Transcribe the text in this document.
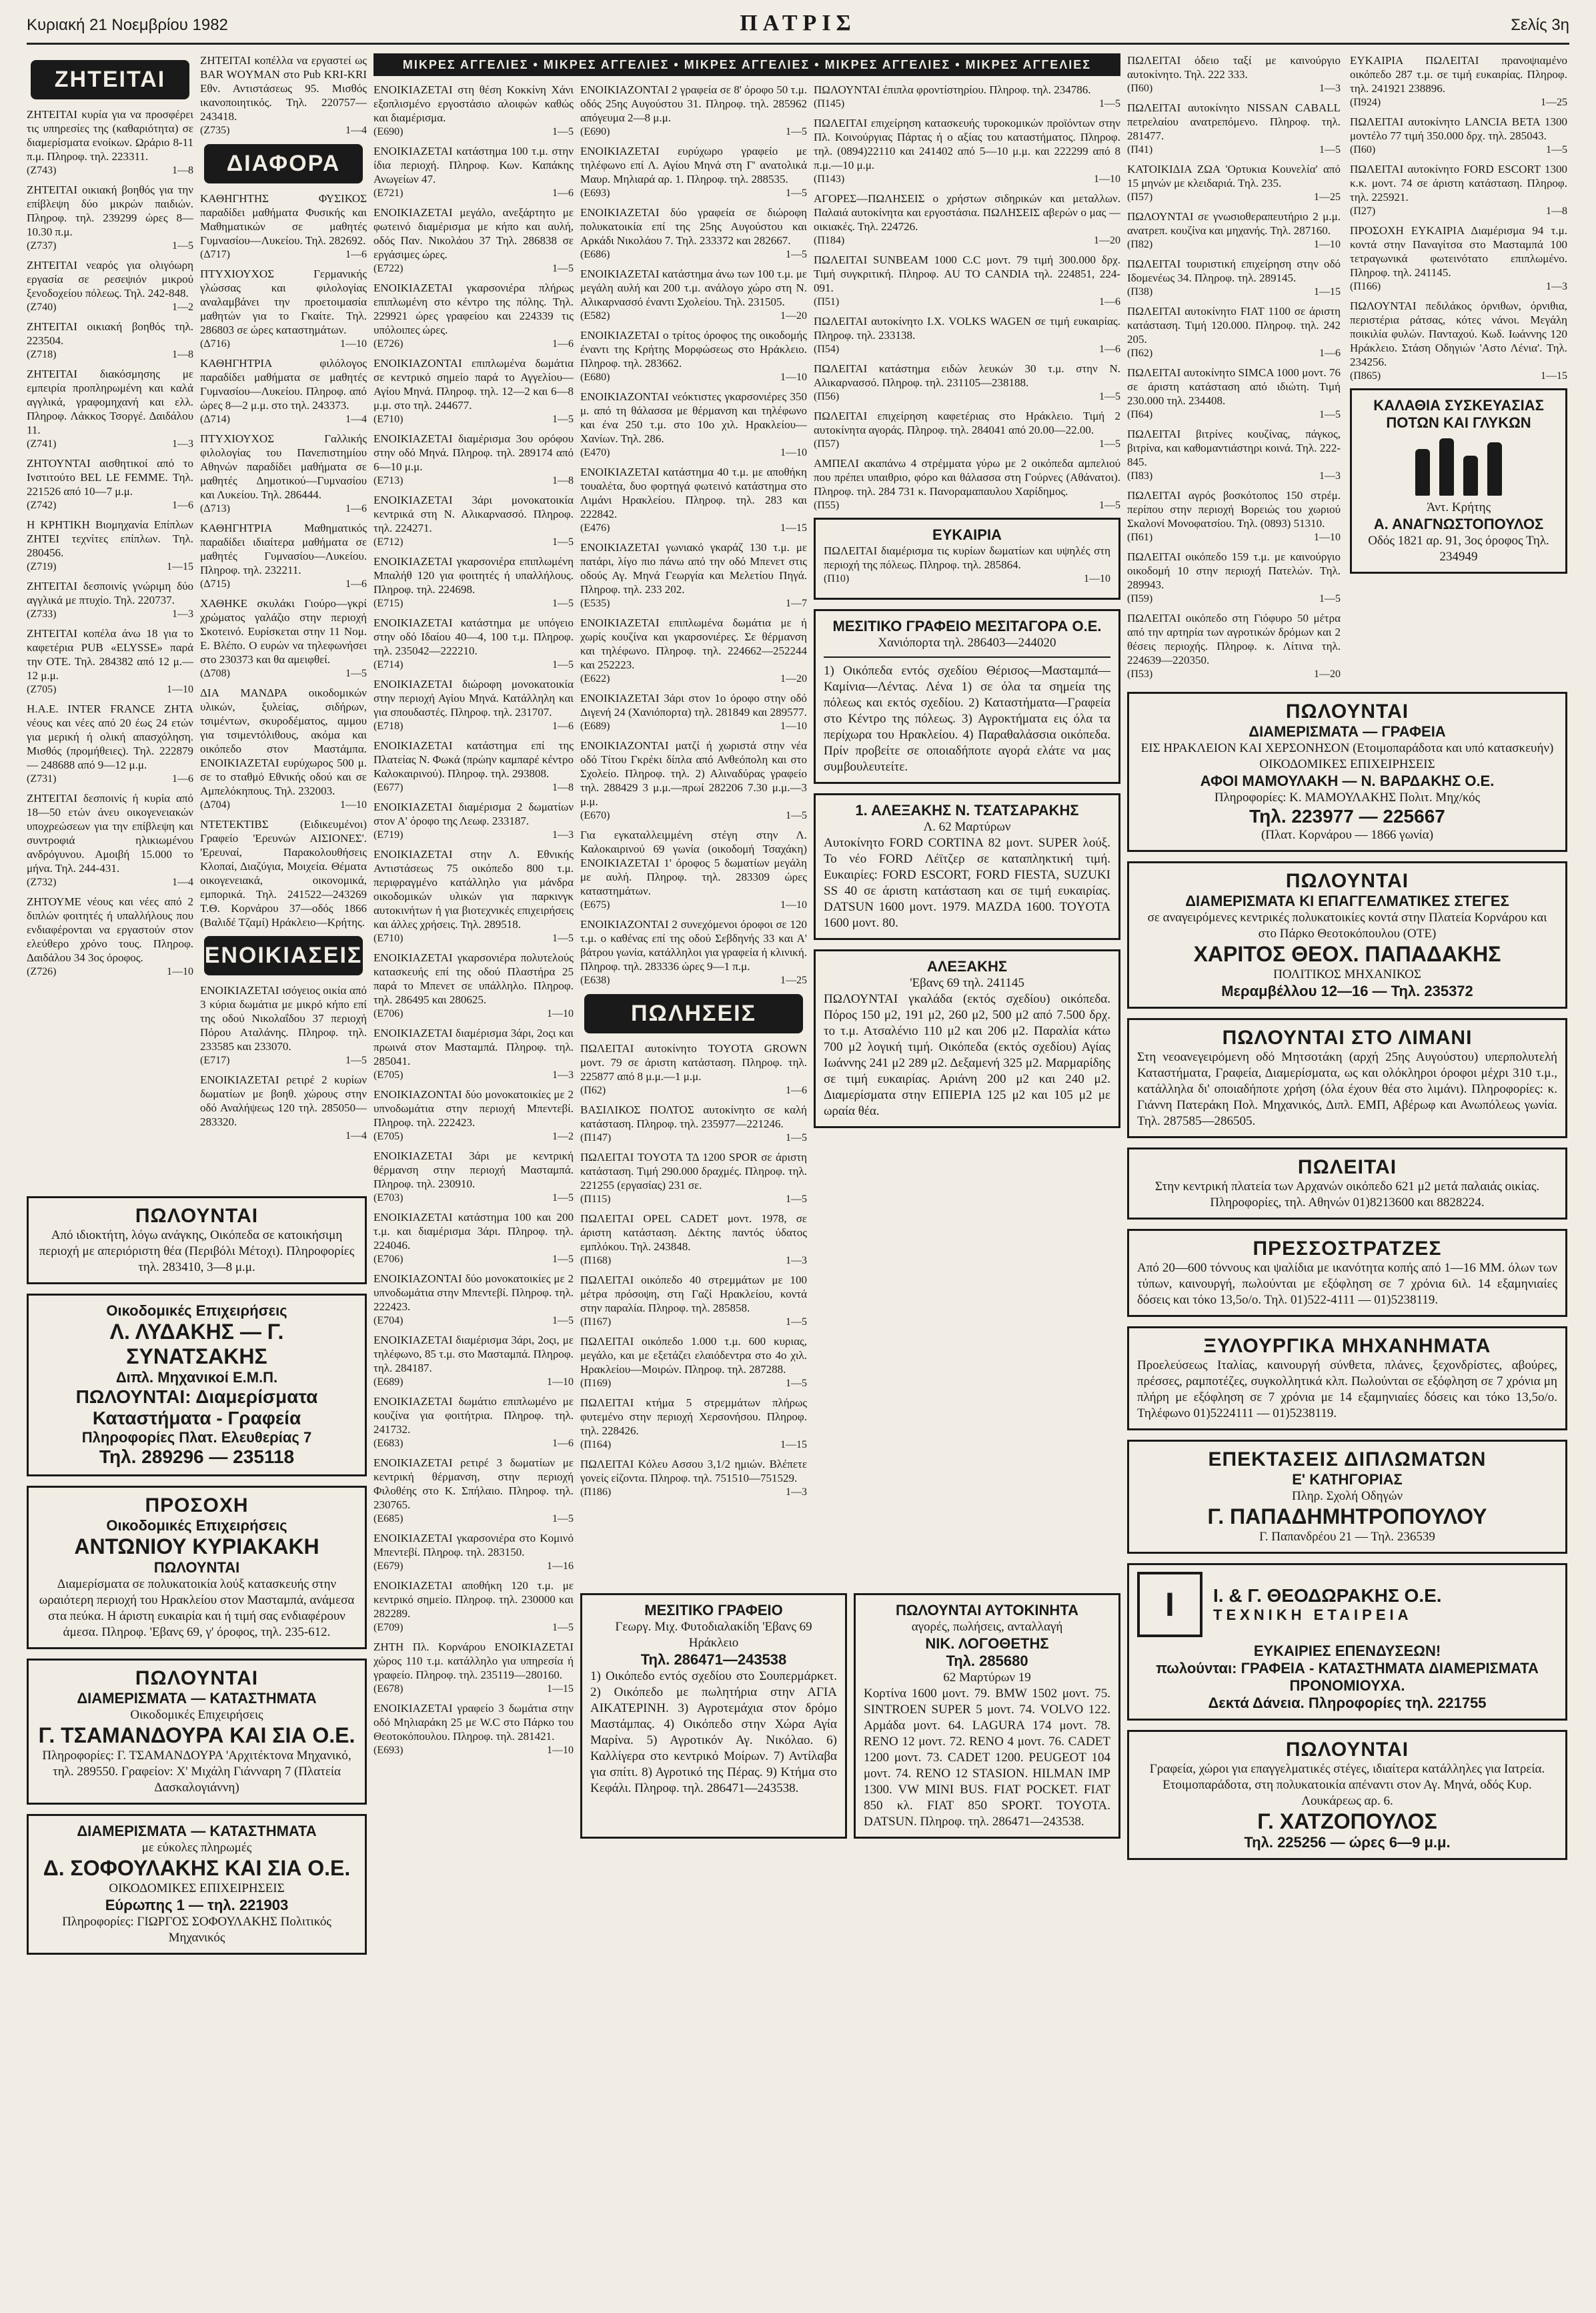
Κυριακή 21 Νοεμβρίου 1982	ΠΑΤΡΙΣ	Σελίς 3η
ΜΙΚΡΕΣ ΑΓΓΕΛΙΕΣ • ΜΙΚΡΕΣ ΑΓΓΕΛΙΕΣ • ΜΙΚΡΕΣ ΑΓΓΕΛΙΕΣ • ΜΙΚΡΕΣ ΑΓΓΕΛΙΕΣ • ΜΙΚΡΕΣ ΑΓΓΕΛΙΕΣ
ΖΗΤΕΙΤΑΙ
ΖΗΤΕΙΤΑΙ κυρία για να προσφέρει τις υπηρεσίες της (καθαριότητα) σε διαμερίσματα ενοίκων. Ωράριο 8-11 π.μ. Πληροφ. τηλ. 223311.
(Z743)	1—8
ΖΗΤΕΙΤΑΙ οικιακή βοηθός για την επίβλεψη δύο μικρών παιδιών. Πληροφ. τηλ. 239299 ώρες 8—10.30 π.μ.
(Z737)	1—5
ΖΗΤΕΙΤΑΙ νεαρός για ολιγόωρη εργασία σε ρεσεψιόν μικρού ξενοδοχείου πόλεως. Τηλ. 242-848.
(Z740)	1—2
ΖΗΤΕΙΤΑΙ οικιακή βοηθός τηλ. 223504.
(Z718)	1—8
ΖΗΤΕΙΤΑΙ διακόσμησης με εμπειρία προπληρωμένη και καλά αγγλικά, γραφομηχανή και ελλ. Πληροφ. Λάκκος Τσοργέ. Δαιδάλου 11.
(Z741)	1—3
ΖΗΤΟΥΝΤΑΙ αισθητικοί από το Ινστιτούτο BEL LE FEMME. Τηλ. 221526 από 10—7 μ.μ.
(Z742)	1—6
Η ΚΡΗΤΙΚΗ Βιομηχανία Επίπλων ZHTEI τεχνίτες επίπλων. Τηλ. 280456.
(Z719)	1—15
ΖΗΤΕΙΤΑΙ δεσποινίς γνώριμη δύο αγγλικά με πτυχίο. Τηλ. 220737.
(Z733)	1—3
ΖΗΤΕΙΤΑΙ κοπέλα άνω 18 για το καφετέρια PUB «ELYSSE» παρά την ΟΤΕ. Τηλ. 284382 από 12 μ.—12 μ.μ.
(Z705)	1—10
H.A.E. INTER FRANCE ZHTA νέους και νέες από 20 έως 24 ετών για μερική ή ολική απασχόληση. Μισθός (προμήθειες). Τηλ. 222879 — 248688 από 9—12 μ.μ.
(Z731)	1—6
ΖΗΤΕΙΤΑΙ δεσποινίς ή κυρία από 18—50 ετών άνευ οικογενειακών υποχρεώσεων για την επίβλεψη και συντροφιά ηλικιωμένου ανδρόγυνου. Αμοιβή 15.000 το μήνα. Τηλ. 244-431.
(Z732)	1—4
ΖΗΤΟΥΜΕ νέους και νέες από 2 διπλών φοιτητές ή υπαλλήλους που ενδιαφέρονται να εργαστούν στον ελεύθερο χρόνο τους. Πληροφ. Δαιδάλου 34 3ος όροφος.
(Z726)	1—10
ΖΗΤΕΙΤΑΙ κοπέλλα να εργαστεί ως BAR WOYMAN στο Pub KRI-KRI Εθν. Αντιστάσεως 95. Μισθός ικανοποιητικός. Τηλ. 220757—243418.
(Z735)	1—4
ΔΙΑΦΟΡΑ
ΚΑΘΗΓΗΤΗΣ ΦΥΣΙΚΟΣ παραδίδει μαθήματα Φυσικής και Μαθηματικών σε μαθητές Γυμνασίου—Λυκείου. Τηλ. 282692.
(Δ717)	1—6
ΠΤΥΧΙΟΥΧΟΣ Γερμανικής γλώσσας και φιλολογίας αναλαμβάνει την προετοιμασία μαθητών για το Γκαίτε. Τηλ. 286803 σε ώρες καταστημάτων.
(Δ716)	1—10
ΚΑΘΗΓΗΤΡΙΑ φιλόλογος παραδίδει μαθήματα σε μαθητές Γυμνασίου—Λυκείου. Πληροφ. από ώρες 8—2 μ.μ. στο τηλ. 243373.
(Δ714)	1—4
ΠΤΥΧΙΟΥΧΟΣ Γαλλικής φιλολογίας του Πανεπιστημίου Αθηνών παραδίδει μαθήματα σε μαθητές Δημοτικού—Γυμνασίου και Λυκείου. Τηλ. 286444.
(Δ713)	1—6
ΚΑΘΗΓΗΤΡΙΑ Μαθηματικός παραδίδει ιδιαίτερα μαθήματα σε μαθητές Γυμνασίου—Λυκείου. Πληροφ. τηλ. 232211.
(Δ715)	1—6
ΧΑΘΗΚΕ σκυλάκι Γιούρο—γκρί χρώματος γαλάζιο στην περιοχή Σκοτεινό. Ευρίσκεται στην 11 Νομ. Ε. Βλέπο. Ο ευρών να τηλεφωνήσει στο 230373 και θα αμειφθεί.
(Δ708)	1—5
ΔΙΑ ΜΑΝΔΡΑ οικοδομικών υλικών, ξυλείας, σιδήρων, τσιμέντων, σκυροδέματος, αμμου για τσιμεντόλιθους, ακόμα και οικόπεδο στον Μαστάμπα. ΕΝΟΙΚΙΑΖΕΤΑΙ ευρύχωρος 500 μ. σε το σταθμό Εθνικής οδού και σε Αμπελόκηπους. Τηλ. 232003.
(Δ704)	1—10
ΝΤΕΤΕΚΤΙΒΣ (Ειδικευμένοι) Γραφείο 'Ερευνών ΑΙΣΙΟΝΕΣ'. 'Ερευναί, Παρακολουθήσεις Κλοπαί, Διαζύγια, Μοιχεία. Θέματα οικογενειακά, οικονομικά, εμπορικά. Τηλ. 241522—243269 Τ.Θ. Κορνάρου 37—οδός 1866 (Βαλιδέ Τζαμί) Ηράκλειο—Κρήτης.
ΕΝΟΙΚΙΑΣΕΙΣ
ΕΝΟΙΚΙΑΖΕΤΑΙ ισόγειος οικία από 3 κύρια δωμάτια με μικρό κήπο επί της οδού Νικολαΐδου 37 περιοχή Πόρου Αταλάνης. Πληροφ. τηλ. 233585 και 233070.
(E717)	1—5
ΕΝΟΙΚΙΑΖΕΤΑΙ ρετιρέ 2 κυρίων δωματίων με βοηθ. χώρους στην οδό Αναλήψεως 120 τηλ. 285050—283320.
1—4
ΕΝΟΙΚΙΑΖΕΤΑΙ στη θέση Κοκκίνη Χάνι εξοπλισμένο εργοστάσιο αλοιφών καθώς και διαμέρισμα.
(E690)	1—5
ΕΝΟΙΚΙΑΖΕΤΑΙ κατάστημα 100 τ.μ. στην ίδια περιοχή. Πληροφ. Κων. Καπάκης Ανωγείων 47.
(E721)	1—6
ΕΝΟΙΚΙΑΖΕΤΑΙ μεγάλο, ανεξάρτητο με φωτεινό διαμέρισμα με κήπο και αυλή, οδός Παν. Νικολάου 37 Τηλ. 286838 σε εργάσιμες ώρες.
(E722)	1—5
ΕΝΟΙΚΙΑΖΕΤΑΙ γκαρσονιέρα πλήρως επιπλωμένη στο κέντρο της πόλης. Τηλ. 229921 ώρες γραφείου και 224339 τις υπόλοιπες ώρες.
(E726)	1—6
ΕΝΟΙΚΙΑΖΟΝΤΑΙ επιπλωμένα δωμάτια σε κεντρικό σημείο παρά το Αγγελίου—Αγίου Μηνά. Πληροφ. τηλ. 12—2 και 6—8 μ.μ. στο τηλ. 244677.
(E710)	1—5
ΕΝΟΙΚΙΑΖΕΤΑΙ διαμέρισμα 3ου ορόφου στην οδό Μηνά. Πληροφ. τηλ. 289174 από 6—10 μ.μ.
(E713)	1—8
ΕΝΟΙΚΙΑΖΕΤΑΙ 3άρι μονοκατοικία κεντρικά στη Ν. Αλικαρνασσό. Πληροφ. τηλ. 224271.
(E712)	1—5
ΕΝΟΙΚΙΑΖΕΤΑΙ γκαρσονιέρα επιπλωμένη Μπαλήθ 120 για φοιτητές ή υπαλλήλους. Πληροφ. τηλ. 224698.
(E715)	1—5
ΕΝΟΙΚΙΑΖΕΤΑΙ κατάστημα με υπόγειο στην οδό Ιδαίου 40—4, 100 τ.μ. Πληροφ. τηλ. 235042—222210.
(E714)	1—5
ΕΝΟΙΚΙΑΖΕΤΑΙ διώροφη μονοκατοικία στην περιοχή Αγίου Μηνά. Κατάλληλη και για σπουδαστές. Πληροφ. τηλ. 231707.
(E718)	1—6
ΕΝΟΙΚΙΑΖΕΤΑΙ κατάστημα επί της Πλατείας Ν. Φωκά (πρώην καμπαρέ κέντρο Καλοκαιρινού). Πληροφ. τηλ. 293808.
(E677)	1—8
ΕΝΟΙΚΙΑΖΕΤΑΙ διαμέρισμα 2 δωματίων στον Α' όροφο της Λεωφ. 233187.
(E719)	1—3
ΕΝΟΙΚΙΑΖΕΤΑΙ στην Λ. Εθνικής Αντιστάσεως 75 οικόπεδο 800 τ.μ. περιφραγμένο κατάλληλο για μάνδρα οικοδομικών υλικών για παρκινγκ αυτοκινήτων ή για βιοτεχνικές επιχειρήσεις και άλλες χρήσεις. Τηλ. 289518.
(E710)	1—5
ΕΝΟΙΚΙΑΖΕΤΑΙ γκαρσονιέρα πολυτελούς κατασκευής επί της οδού Πλαστήρα 25 παρά το Μπενετ σε υπάλληλο. Πληροφ. τηλ. 286495 και 280625.
(E706)	1—10
ΕΝΟΙΚΙΑΖΕΤΑΙ διαμέρισμα 3άρι, 2οςι και πρωινά στον Μασταμπά. Πληροφ. τηλ. 285041.
(E705)	1—3
ΕΝΟΙΚΙΑΖΟΝΤΑΙ δύο μονοκατοικίες με 2 υπνοδωμάτια στην περιοχή Μπεντεβί. Πληροφ. τηλ. 222423.
(E705)	1—2
ΕΝΟΙΚΙΑΖΕΤΑΙ 3άρι με κεντρική θέρμανση στην περιοχή Μασταμπά. Πληροφ. τηλ. 230910.
(E703)	1—5
ΕΝΟΙΚΙΑΖΕΤΑΙ κατάστημα 100 και 200 τ.μ. και διαμέρισμα 3άρι. Πληροφ. τηλ. 224046.
(E706)	1—5
ΕΝΟΙΚΙΑΖΟΝΤΑΙ δύο μονοκατοικίες με 2 υπνοδωμάτια στην Μπεντεβί. Πληροφ. τηλ. 222423.
(E704)	1—5
ΕΝΟΙΚΙΑΖΕΤΑΙ διαμέρισμα 3άρι, 2οςι, με τηλέφωνο, 85 τ.μ. στο Μασταμπά. Πληροφ. τηλ. 284187.
(E689)	1—10
ΕΝΟΙΚΙΑΖΕΤΑΙ δωμάτιο επιπλωμένο με κουζίνα για φοιτήτρια. Πληροφ. τηλ. 241732.
(E683)	1—6
ΕΝΟΙΚΙΑΖΕΤΑΙ ρετιρέ 3 δωματίων με κεντρική θέρμανση, στην περιοχή Φιλοθέης στο Κ. Σπήλαιο. Πληροφ. τηλ. 230765.
(E685)	1—5
ΕΝΟΙΚΙΑΖΕΤΑΙ γκαρσονιέρα στο Κομινό Μπεντεβί. Πληροφ. τηλ. 283150.
(E679)	1—16
ΕΝΟΙΚΙΑΖΕΤΑΙ αποθήκη 120 τ.μ. με κεντρικό σημείο. Πληροφ. τηλ. 230000 και 282289.
(E709)	1—5
ΖΗΤΗ Πλ. Κορνάρου ΕΝΟΙΚΙΑΖΕΤΑΙ χώρος 110 τ.μ. κατάλληλο για υπηρεσία ή γραφείο. Πληροφ. τηλ. 235119—280160.
(E678)	1—15
ΕΝΟΙΚΙΑΖΕΤΑΙ γραφείο 3 δωμάτια στην οδό Μηλιαράκη 25 με W.C στο Πάρκο του Θεοτοκόπουλου. Πληροφ. τηλ. 281421.
(E693)	1—10
ΕΝΟΙΚΙΑΖΟΝΤΑΙ 2 γραφεία σε 8' όροφο 50 τ.μ. οδός 25ης Αυγούστου 31. Πληροφ. τηλ. 285962 απόγευμα 2—8 μ.μ.
(E690)	1—5
ΕΝΟΙΚΙΑΖΕΤΑΙ ευρύχωρο γραφείο με τηλέφωνο επί Λ. Αγίου Μηνά στη Γ' ανατολικά Μαυρ. Μηλιαρά αρ. 1. Πληροφ. τηλ. 288535.
(E693)	1—5
ΕΝΟΙΚΙΑΖΕΤΑΙ δύο γραφεία σε διώροφη πολυκατοικία επί της 25ης Αυγούστου και Αρκάδι Νικολάου 7. Τηλ. 233372 και 282667.
(E686)	1—5
ΕΝΟΙΚΙΑΖΕΤΑΙ κατάστημα άνω των 100 τ.μ. με μεγάλη αυλή και 200 τ.μ. ανάλογο χώρο στη Ν. Αλικαρνασσό έναντι Σχολείου. Τηλ. 231505.
(E582)	1—20
ΕΝΟΙΚΙΑΖΕΤΑΙ ο τρίτος όροφος της οικοδομής έναντι της Κρήτης Μορφώσεως στο Ηράκλειο. Πληροφ. τηλ. 283662.
(E680)	1—10
ΕΝΟΙΚΙΑΖΟΝΤΑΙ νεόκτιστες γκαρσονιέρες 350 μ. από τη θάλασσα με θέρμανση και τηλέφωνο και ένα 250 τ.μ. στο 10ο χιλ. Ηρακλείου—Χανίων. Τηλ. 286.
(E470)	1—10
ΕΝΟΙΚΙΑΖΕΤΑΙ κατάστημα 40 τ.μ. με αποθήκη τουαλέτα, δυο φορτηγά φωτεινό κατάστημα στο Λιμάνι Ηρακλείου. Πληροφ. τηλ. 283 και 222842.
(E476)	1—15
ΕΝΟΙΚΙΑΖΕΤΑΙ γωνιακό γκαράζ 130 τ.μ. με πατάρι, λίγο πιο πάνω από την οδό Μπενετ στις οδούς Αγ. Μηνά Γεωργία και Μελετίου Πηγά. Πληροφ. τηλ. 233 202.
(E535)	1—7
ΕΝΟΙΚΙΑΖΕΤΑΙ επιπλωμένα δωμάτια με ή χωρίς κουζίνα και γκαρσονιέρες. Σε θέρμανση και τηλέφωνο. Πληροφ. τηλ. 224662—252244 και 252223.
(E622)	1—20
ΕΝΟΙΚΙΑΖΕΤΑΙ 3άρι στον 1ο όροφο στην οδό Διγενή 24 (Χανιόπορτα) τηλ. 281849 και 289577.
(E689)	1—10
ΕΝΟΙΚΙΑΖΟΝΤΑΙ ματζί ή χωριστά στην νέα οδό Τίτου Γκρέκι δίπλα από Ανθεόπολη και στο Σχολείο. Πληροφ. τηλ. 2) Αλιναδύρας γραφείο τηλ. 288429 3 μ.μ.—πρωί 282206 7.30 μ.μ.—3 μ.μ.
(E670)	1—5
Για εγκαταλλειμμένη στέγη στην Λ. Καλοκαιρινού 69 γωνία (οικοδομή Τσαχάκη) ΕΝΟΙΚΙΑΖΕΤΑΙ 1' όροφος 5 δωματίων μεγάλη με αυλή. Πληροφ. τηλ. 283309 ώρες καταστημάτων.
(E675)	1—10
ΕΝΟΙΚΙΑΖΟΝΤΑΙ 2 συνεχόμενοι όροφοι σε 120 τ.μ. ο καθένας επί της οδού Σεβδηνής 33 και Α' βάτρου γωνία, κατάλληλοι για γραφεία ή κλινική. Πληροφ. τηλ. 283336 ώρες 9—1 π.μ.
(E638)	1—25
ΠΩΛΗΣΕΙΣ
ΠΩΛΕΙΤΑΙ αυτοκίνητο TOYOTA GROWN μοντ. 79 σε άριστη κατάσταση. Πληροφ. τηλ. 225877 από 8 μ.μ.—1 μ.μ.
(Π62)	1—6
ΒΑΣΙΛΙΚΟΣ ΠΟΛΤΟΣ αυτοκίνητο σε καλή κατάσταση. Πληροφ. τηλ. 235977—221246.
(Π147)	1—5
ΠΩΛΕΙΤΑΙ TOYOTA ΤΔ 1200 SPOR σε άριστη κατάσταση. Τιμή 290.000 δραχμές. Πληροφ. τηλ. 221255 (εργασίας) 231 σε.
(Π115)	1—5
ΠΩΛΕΙΤΑΙ OPEL CADET μοντ. 1978, σε άριστη κατάσταση. Δέκτης παντός ύδατος εμπλόκου. Τηλ. 243848.
(Π168)	1—3
ΠΩΛΕΙΤΑΙ οικόπεδο 40 στρεμμάτων με 100 μέτρα πρόσοψη, στη Γαζί Ηρακλείου, κοντά στην παραλία. Πληροφ. τηλ. 285858.
(Π167)	1—5
ΠΩΛΕΙΤΑΙ οικόπεδο 1.000 τ.μ. 600 κυριας, μεγάλο, και με εξετάζει ελαιόδεντρα στο 4ο χιλ. Ηρακλείου—Μοιρών. Πληροφ. τηλ. 287288.
(Π169)	1—5
ΠΩΛΕΙΤΑΙ κτήμα 5 στρεμμάτων πλήρως φυτεμένο στην περιοχή Χερσονήσου. Πληροφ. τηλ. 228426.
(Π164)	1—15
ΠΩΛΕΙΤΑΙ Κόλευ Ασσου 3,1/2 ημιών. Βλέπετε γονείς είζοντα. Πληροφ. τηλ. 751510—751529.
(Π186)	1—3
ΠΩΛΟΥΝΤΑΙ έπιπλα φροντίστηρίου. Πληροφ. τηλ. 234786.
(Π145)	1—5
ΠΩΛΕΙΤΑΙ επιχείρηση κατασκευής τυροκομικών προϊόντων στην Πλ. Κοινούργιας Πάρτας ή ο αξίας του καταστήματος. Πληροφ. τηλ. (0894)22110 και 241402 από 5—10 μ.μ. και 222299 από 8 π.μ.—10 μ.μ.
(Π143)	1—10
ΑΓΟΡΕΣ—ΠΩΛΗΣΕΙΣ ο χρήστων σιδηρικών και μεταλλων. Παλαιά αυτοκίνητα και εργοστάσια. ΠΩΛΗΣΕΙΣ αβερών ο μας — οικιακές. Τηλ. 224726.
(Π184)	1—20
ΠΩΛΕΙΤΑΙ SUNBEAM 1000 C.C μοντ. 79 τιμή 300.000 δρχ. Τιμή συγκριτική. Πληροφ. AU TO CANDIA τηλ. 224851, 224-091.
(Π51)	1—6
ΠΩΛΕΙΤΑΙ αυτοκίνητο I.X. VOLKS WAGEN σε τιμή ευκαιρίας. Πληροφ. τηλ. 233138.
(Π54)	1—6
ΠΩΛΕΙΤΑΙ κατάστημα ειδών λευκών 30 τ.μ. στην Ν. Αλικαρνασσό. Πληροφ. τηλ. 231105—238188.
(Π56)	1—5
ΠΩΛΕΙΤΑΙ επιχείρηση καφετέριας στο Ηράκλειο. Τιμή 2 αυτοκίνητα αγοράς. Πληροφ. τηλ. 284041 από 20.00—22.00.
(Π57)	1—5
ΑΜΠΕΛΙ ακαπάνω 4 στρέμματα γύρω με 2 οικόπεδα αμπελιού που πρέπει υπαιθριο, φόρο και θάλασσα στη Γούρνες (Αθάνατοι). Πληροφ. τηλ. 284 731 κ. Πανοραμαπαυλου Χαρίδημος.
(Π55)	1—5
ΕΥΚΑΙΡΙΑ
ΠΩΛΕΙΤΑΙ διαμέρισμα τις κυρίων δωματίων και υψηλές στη περιοχή της πόλεως. Πληροφ. τηλ. 285864.
(Π10)	1—10
ΜΕΣΙΤΙΚΟ ΓΡΑΦΕΙΟ ΜΕΣΙΤΑΓΟΡΑ Ο.Ε.
Χανιόπορτα τηλ. 286403—244020
1) Οικόπεδα εντός σχεδίου Θέρισος—Μασταμπά—Καμίνια—Λέντας. Λένα 1) σε όλα τα σημεία της πόλεως και εκτός σχεδίου. 2) Καταστήματα—Γραφεία στο Κέντρο της πόλεως. 3) Αγροκτήματα εις όλα τα περίχωρα του Ηρακλείου. 4) Παραθαλάσσια οικόπεδα. Πρίν προβείτε σε οποιαδήποτε αγορά ελάτε να μας συμβουλευτείτε.
1. ΑΛΕΞΑΚΗΣ Ν. ΤΣΑΤΣΑΡΑΚΗΣ
Λ. 62 Μαρτύρων
Αυτοκίνητο FORD CORTINA 82 μοντ. SUPER λούξ. Το νέο FORD Λέϊτζερ σε καταπληκτική τιμή. Ευκαιρίες: FORD ESCORT, FORD FIESTA, SUZUKI SS 40 σε άριστη κατάσταση και σε τιμή ευκαιρίας. DATSUN 1600 μοντ. 1979. MAZDA 1600. TOYOTA 1600 μοντ. 80.
ΑΛΕΞΑΚΗΣ
'Εβανς 69 τηλ. 241145
ΠΩΛΟΥΝΤΑΙ γκαλάδα (εκτός σχεδίου) οικόπεδα. Πόρος 150 μ2, 191 μ2, 260 μ2, 500 μ2 από 7.500 δρχ. το τ.μ. Ατσαλένιο 110 μ2 και 206 μ2. Παραλία κάτω 700 μ2 λογική τιμή. Οικόπεδα (εκτός σχεδίου) Αγίας Ιωάννης 241 μ2 289 μ2. Δεξαμενή 325 μ2. Μαρμαρίδης σε τιμή ευκαιρίας. Αριάνη 200 μ2 και 240 μ2. Διαμερίσματα στην ΕΠΙΕΡΙΑ 125 μ2 και 105 μ2 με ωραία θέα.
ΠΩΛΕΙΤΑΙ όδειο ταξί με καινούργιο αυτοκίνητο. Τηλ. 222 333.
(Π60)	1—3
ΠΩΛΕΙΤΑΙ αυτοκίνητο NISSAN CABALL πετρελαίου ανατρεπόμενο. Πληροφ. τηλ. 281477.
(Π41)	1—5
ΚΑΤΟΙΚΙΔΙΑ ΖΩΑ 'Ορτυκια Κουνελία' από 15 μηνών με κλειδαριά. Τηλ. 235.
(Π57)	1—25
ΠΩΛΟΥΝΤΑΙ σε γνωσιοθεραπευτήριο 2 μ.μ. ανατρεπ. κουζίνα και μηχανής. Τηλ. 287160.
(Π82)	1—10
ΠΩΛΕΙΤΑΙ τουριστική επιχείρηση στην οδό Ιδομενέως 34. Πληροφ. τηλ. 289145.
(Π38)	1—15
ΠΩΛΕΙΤΑΙ αυτοκίνητο FIAT 1100 σε άριστη κατάσταση. Τιμή 120.000. Πληροφ. τηλ. 242 205.
(Π62)	1—6
ΠΩΛΕΙΤΑΙ αυτοκίνητο SIMCA 1000 μοντ. 76 σε άριστη κατάσταση από ιδιώτη. Τιμή 230.000 τηλ. 234408.
(Π64)	1—5
ΠΩΛΕΙΤΑΙ βιτρίνες κουζίνας, πάγκος, βιτρίνα, και καθομαντιάστηρι κοινά. Τηλ. 222-845.
(Π83)	1—3
ΠΩΛΕΙΤΑΙ αγρός βοσκότοπος 150 στρέμ. περίπου στην περιοχή Βορειώς του χωριού Σκαλονί Μονοφατσίου. Τηλ. (0893) 51310.
(Π61)	1—10
ΠΩΛΕΙΤΑΙ οικόπεδο 159 τ.μ. με καινούργιο οικοδομή 10 στην περιοχή Πατελών. Τηλ. 289943.
(Π59)	1—5
ΠΩΛΕΙΤΑΙ οικόπεδο στη Γιόφυρο 50 μέτρα από την αρτηρία των αγροτικών δρόμων και 2 θέσεις περιοχής. Πληροφ. κ. Λίτινα τηλ. 224639—220350.
(Π53)	1—20
ΕΥΚΑΙΡΙΑ ΠΩΛΕΙΤΑΙ πρανοψιαμένο οικόπεδο 287 τ.μ. σε τιμή ευκαιρίας. Πληροφ. τηλ. 241921 238896.
(Π924)	1—25
ΠΩΛΕΙΤΑΙ αυτοκίνητο LANCIA BETA 1300 μοντέλο 77 τιμή 350.000 δρχ. τηλ. 285043.
(Π60)	1—5
ΠΩΛΕΙΤΑΙ αυτοκίνητο FORD ESCORT 1300 κ.κ. μοντ. 74 σε άριστη κατάσταση. Πληροφ. τηλ. 225921.
(Π27)	1—8
ΠΡΟΣΟΧΗ ΕΥΚΑΙΡΙΑ Διαμέρισμα 94 τ.μ. κοντά στην Παναγίτσα στο Μασταμπά 100 τετραγωνικά φωτεινότατο επιπλωμένο. Πληροφ. τηλ. 241145.
(Π166)	1—3
ΠΩΛΟΥΝΤΑΙ πεδιλάκος όρνιθων, όρνιθια, περιστέρια ράτσας, κότες νάνοι. Μεγάλη ποικιλία φυλών. Πανταχού. Κωδ. Ιωάννης 120 Ηράκλειο. Στάση Οδηγιών 'Αστο Λένια'. Τηλ. 234256.
(Π865)	1—15
ΚΑΛΑΘΙΑ ΣΥΣΚΕΥΑΣΙΑΣ ΠΟΤΩΝ ΚΑΙ ΓΛΥΚΩΝ
Άντ. Κρήτης
Α. ΑΝΑΓΝΩΣΤΟΠΟΥΛΟΣ
Οδός 1821 αρ. 91, 3ος όροφος Τηλ. 234949
ΠΩΛΟΥΝΤΑΙ
ΔΙΑΜΕΡΙΣΜΑΤΑ — ΓΡΑΦΕΙΑ
ΕΙΣ ΗΡΑΚΛΕΙΟΝ ΚΑΙ ΧΕΡΣΟΝΗΣΟΝ (Ετοιμοπαράδοτα και υπό κατασκευήν) ΟΙΚΟΔΟΜΙΚΕΣ ΕΠΙΧΕΙΡΗΣΕΙΣ
ΑΦΟΙ ΜΑΜΟΥΛΑΚΗ — Ν. ΒΑΡΔΑΚΗΣ Ο.Ε.
Πληροφορίες: Κ. ΜΑΜΟΥΛΑΚΗΣ Πολιτ. Μηχ/κός
Τηλ. 223977 — 225667
(Πλατ. Κορνάρου — 1866 γωνία)
ΠΩΛΟΥΝΤΑΙ
ΔΙΑΜΕΡΙΣΜΑΤΑ ΚΙ ΕΠΑΓΓΕΛΜΑΤΙΚΕΣ ΣΤΕΓΕΣ
σε αναγειρόμενες κεντρικές πολυκατοικίες κοντά στην Πλατεία Κορνάρου και στο Πάρκο Θεοτοκόπουλου (ΟΤΕ)
ΧΑΡΙΤΟΣ ΘΕΟΧ. ΠΑΠΑΔΑΚΗΣ
ΠΟΛΙΤΙΚΟΣ ΜΗΧΑΝΙΚΟΣ
Μεραμβέλλου 12—16 — Τηλ. 235372
ΠΩΛΟΥΝΤΑΙ ΣΤΟ ΛΙΜΑΝΙ
Στη νεοανεγειρόμενη οδό Μητσοτάκη (αρχή 25ης Αυγούστου) υπερπολυτελή Καταστήματα, Γραφεία, Διαμερίσματα, ως και ολόκληροι όροφοι μέχρι 310 τ.μ., κατάλληλα δι' οποιαδήποτε χρήση (όλα έχουν θέα στο λιμάνι). Πληροφορίες: κ. Γιάννη Πατεράκη Πολ. Μηχανικός, Διπλ. ΕΜΠ, Αβέρωφ και Ανωπόλεως γωνία. Τηλ. 287585—286505.
ΠΩΛΕΙΤΑΙ
Στην κεντρική πλατεία των Αρχανών οικόπεδο 621 μ2 μετά παλαιάς οικίας. Πληροφορίες, τηλ. Αθηνών 01)8213600 και 8828224.
ΠΡΕΣΣΟΣΤΡΑΤΖΕΣ
Από 20—600 τόννους και ψαλίδια με ικανότητα κοπής από 1—16 ΜΜ. όλων των τύπων, καινουργή, πωλούνται με εξόφληση σε 7 χρόνια 6ιλ. 14 εξαμηνιαίες δόσεις και τόκο 13,5ο/ο. Τηλ. 01)522-4111 — 01)5238119.
ΞΥΛΟΥΡΓΙΚΑ ΜΗΧΑΝΗΜΑΤΑ
Προελεύσεως Ιταλίας, καινουργή σύνθετα, πλάνες, ξεχονδρίστες, αβούρες, πρέσσες, ραμποτέζες, συγκολλητικά κλπ. Πωλούνται σε εξόφληση σε 7 χρόνια μη πλήρη με εξόφληση σε 7 χρόνια με 14 εξαμηνιαίες δόσεις και τόκο 13,5ο/ο. Τηλέφωνο 01)5224111 — 01)5238119.
ΕΠΕΚΤΑΣΕΙΣ ΔΙΠΛΩΜΑΤΩΝ
Ε' ΚΑΤΗΓΟΡΙΑΣ
Πληρ. Σχολή Οδηγών
Γ. ΠΑΠΑΔΗΜΗΤΡΟΠΟΥΛΟΥ
Γ. Παπανδρέου 21 — Τηλ. 236539
Ι	Ι. & Γ. ΘΕΟΔΩΡΑΚΗΣ Ο.Ε.
ΤΕΧΝΙΚΗ ΕΤΑΙΡΕΙΑ
ΕΥΚΑΙΡΙΕΣ ΕΠΕΝΔΥΣΕΩΝ!
πωλούνται: ΓΡΑΦΕΙΑ - ΚΑΤΑΣΤΗΜΑΤΑ ΔΙΑΜΕΡΙΣΜΑΤΑ ΠΡΟΝΟΜΙΟΥΧΑ.
Δεκτά Δάνεια. Πληροφορίες τηλ. 221755
ΠΩΛΟΥΝΤΑΙ
Γραφεία, χώροι για επαγγελματικές στέγες, ιδιαίτερα κατάλληλες για Ιατρεία. Ετοιμοπαράδοτα, στη πολυκατοικία απέναντι στον Αγ. Μηνά, οδός Κυρ. Λουκάρεως αρ. 6.
Γ. ΧΑΤΖΟΠΟΥΛΟΣ
Τηλ. 225256 — ώρες 6—9 μ.μ.
ΠΩΛΟΥΝΤΑΙ
Από ιδιοκτήτη, λόγω ανάγκης, Οικόπεδα σε κατοικήσιμη περιοχή με απεριόριστη θέα (Περιβόλι Μέτοχι). Πληροφορίες τηλ. 283410, 3—8 μ.μ.
Οικοδομικές Επιχειρήσεις
Λ. ΛΥΔΑΚΗΣ — Γ. ΣΥΝΑΤΣΑΚΗΣ
Διπλ. Μηχανικοί Ε.Μ.Π.
ΠΩΛΟΥΝΤΑΙ: Διαμερίσματα
Καταστήματα - Γραφεία
Πληροφορίες Πλατ. Ελευθερίας 7
Τηλ. 289296 — 235118
ΠΡΟΣΟΧΗ
Οικοδομικές Επιχειρήσεις
ΑΝΤΩΝΙΟΥ ΚΥΡΙΑΚΑΚΗ
ΠΩΛΟΥΝΤΑΙ
Διαμερίσματα σε πολυκατοικία λούξ κατασκευής στην ωραιότερη περιοχή του Ηρακλείου στον Μασταμπά, ανάμεσα στα πεύκα. Η άριστη ευκαιρία και ή τιμή σας ενδιαφέρουν άμεσα. Πληροφ. 'Εβανς 69, γ' όροφος, τηλ. 235-612.
ΠΩΛΟΥΝΤΑΙ
ΔΙΑΜΕΡΙΣΜΑΤΑ — ΚΑΤΑΣΤΗΜΑΤΑ
Οικοδομικές Επιχειρήσεις
Γ. ΤΣΑΜΑΝΔΟΥΡΑ ΚΑΙ ΣΙΑ Ο.Ε.
Πληροφορίες: Γ. ΤΣΑΜΑΝΔΟΥΡΑ 'Αρχιτέκτονα Μηχανικό, τηλ. 289550. Γραφείον: Χ' Μιχάλη Γιάνναρη 7 (Πλατεία Δασκαλογιάννη)
ΔΙΑΜΕΡΙΣΜΑΤΑ — ΚΑΤΑΣΤΗΜΑΤΑ
με εύκολες πληρωμές
Δ. ΣΟΦΟΥΛΑΚΗΣ ΚΑΙ ΣΙΑ Ο.Ε.
ΟΙΚΟΔΟΜΙΚΕΣ ΕΠΙΧΕΙΡΗΣΕΙΣ
Εύρωπης 1 — τηλ. 221903
Πληροφορίες: ΓΙΩΡΓΟΣ ΣΟΦΟΥΛΑΚΗΣ Πολιτικός Μηχανικός
ΜΕΣΙΤΙΚΟ ΓΡΑΦΕΙΟ
Γεωργ. Μιχ. Φυτοδιαλακίδη 'Εβανς 69 Ηράκλειο
Τηλ. 286471—243538
1) Οικόπεδο εντός σχεδίου στο Σουπερμάρκετ. 2) Οικόπεδο με πωλητήρια στην ΑΓΙΑ ΑΙΚΑΤΕΡΙΝΗ. 3) Αγροτεμάχια στον δρόμο Μαστάμπας. 4) Οικόπεδο στην Χώρα Αγία Μαρίνα. 5) Αγροτικόν Αγ. Νικόλαο. 6) Καλλίγερα στο κεντρικό Μοίρων. 7) Αντίλαβα για σπίτι. 8) Αγροτικό της Πέρας. 9) Κτήμα στο Κεφάλι. Πληροφ. τηλ. 286471—243538.
ΠΩΛΟΥΝΤΑΙ ΑΥΤΟΚΙΝΗΤΑ
αγορές, πωλήσεις, ανταλλαγή
ΝΙΚ. ΛΟΓΟΘΕΤΗΣ
Τηλ. 285680
62 Μαρτύρων 19
Κορτίνα 1600 μοντ. 79. BMW 1502 μοντ. 75. SINTROEN SUPER 5 μοντ. 74. VOLVO 122. Αρμάδα μοντ. 64. LAGURA 174 μοντ. 78. RENO 12 μοντ. 72. RENO 4 μοντ. 76. CADET 1200 μοντ. 73. CADET 1200. PEUGEOT 104 μοντ. 74. RENO 12 STASION. HILMAN IMP 1300. VW MINI BUS. FIAT POCKET. FIAT 850 κλ. FIAT 850 SPORT. TOYOTA. DATSUN. Πληροφ. τηλ. 286471—243538.
